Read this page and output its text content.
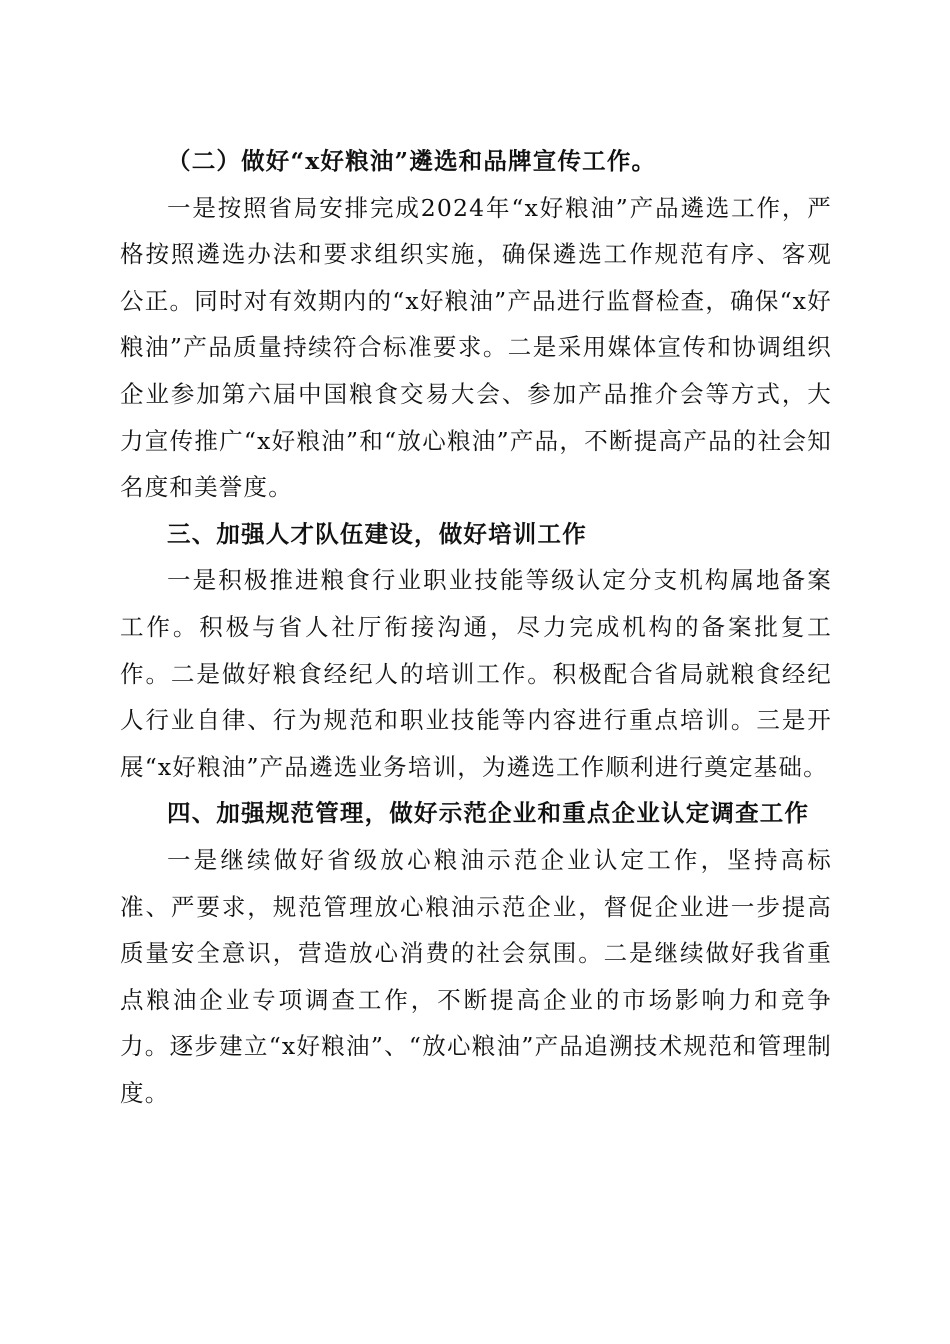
（二）做好“x好粮油”遴选和品牌宣传工作。

一是按照省局安排完成2024年“x好粮油”产品遴选工作，严格按照遴选办法和要求组织实施，确保遴选工作规范有序、客观公正。同时对有效期内的“x好粮油”产品进行监督检查，确保“x好粮油”产品质量持续符合标准要求。二是采用媒体宣传和协调组织企业参加第六届中国粮食交易大会、参加产品推介会等方式，大力宣传推广“x好粮油”和“放心粮油”产品，不断提高产品的社会知名度和美誉度。

三、加强人才队伍建设，做好培训工作

一是积极推进粮食行业职业技能等级认定分支机构属地备案工作。积极与省人社厅衔接沟通，尽力完成机构的备案批复工作。二是做好粮食经纪人的培训工作。积极配合省局就粮食经纪人行业自律、行为规范和职业技能等内容进行重点培训。三是开展“x好粮油”产品遴选业务培训，为遴选工作顺利进行奠定基础。

四、加强规范管理，做好示范企业和重点企业认定调查工作

一是继续做好省级放心粮油示范企业认定工作，坚持高标准、严要求，规范管理放心粮油示范企业，督促企业进一步提高质量安全意识，营造放心消费的社会氛围。二是继续做好我省重点粮油企业专项调查工作，不断提高企业的市场影响力和竞争力。逐步建立“x好粮油”、“放心粮油”产品追溯技术规范和管理制度。
